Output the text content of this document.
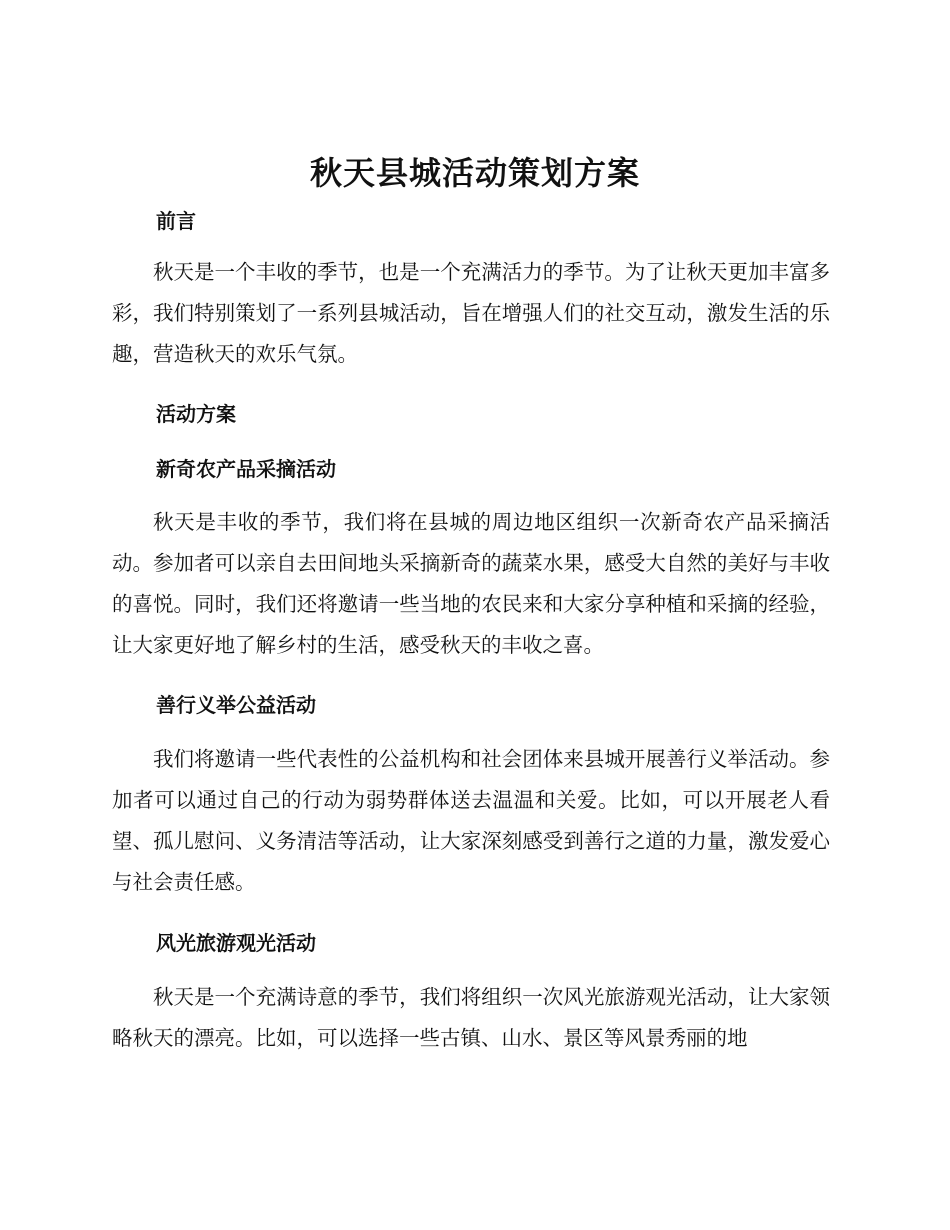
秋天县城活动策划方案
前言

秋天是一个丰收的季节，也是一个充满活力的季节。为了让秋天更加丰富多彩，我们特别策划了一系列县城活动，旨在增强人们的社交互动，激发生活的乐趣，营造秋天的欢乐气氛。

活动方案
新奇农产品采摘活动

秋天是丰收的季节，我们将在县城的周边地区组织一次新奇农产品采摘活动。参加者可以亲自去田间地头采摘新奇的蔬菜水果，感受大自然的美好与丰收的喜悦。同时，我们还将邀请一些当地的农民来和大家分享种植和采摘的经验，让大家更好地了解乡村的生活，感受秋天的丰收之喜。

善行义举公益活动

我们将邀请一些代表性的公益机构和社会团体来县城开展善行义举活动。参加者可以通过自己的行动为弱势群体送去温温和关爱。比如，可以开展老人看望、孤儿慰问、义务清洁等活动，让大家深刻感受到善行之道的力量，激发爱心与社会责任感。

风光旅游观光活动

秋天是一个充满诗意的季节，我们将组织一次风光旅游观光活动，让大家领略秋天的漂亮。比如，可以选择一些古镇、山水、景区等风景秀丽的地
